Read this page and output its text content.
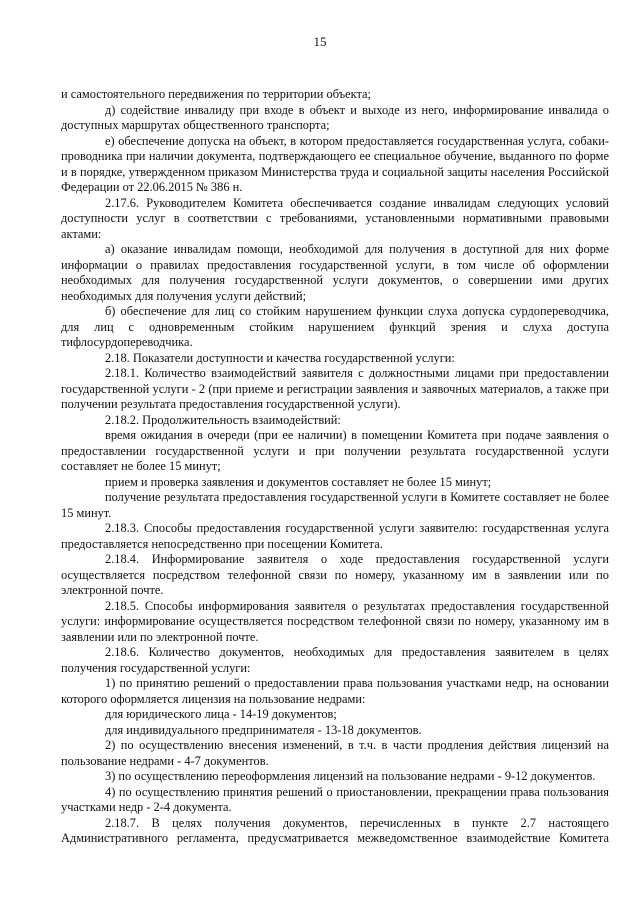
15

и самостоятельного передвижения по территории объекта;

д) содействие инвалиду при входе в объект и выходе из него, информирование инвалида о доступных маршрутах общественного транспорта;

е) обеспечение допуска на объект, в котором предоставляется государственная услуга, собаки-проводника при наличии документа, подтверждающего ее специальное обучение, выданного по форме и в порядке, утвержденном приказом Министерства труда и социальной защиты населения Российской Федерации от 22.06.2015 № 386 н.

2.17.6. Руководителем Комитета обеспечивается создание инвалидам следующих условий доступности услуг в соответствии с требованиями, установленными нормативными правовыми актами:

а) оказание инвалидам помощи, необходимой для получения в доступной для них форме информации о правилах предоставления государственной услуги, в том числе об оформлении необходимых для получения государственной услуги документов, о совершении ими других необходимых для получения услуги действий;

б) обеспечение для лиц со стойким нарушением функции слуха допуска сурдопереводчика, для лиц с одновременным стойким нарушением функций зрения и слуха доступа тифлосурдопереводчика.

2.18. Показатели доступности и качества государственной услуги:

2.18.1. Количество взаимодействий заявителя с должностными лицами при предоставлении государственной услуги - 2 (при приеме и регистрации заявления и заявочных материалов, а также при получении результата предоставления государственной услуги).

2.18.2. Продолжительность взаимодействий:

время ожидания в очереди (при ее наличии) в помещении Комитета при подаче заявления о предоставлении государственной услуги и при получении результата государственной услуги составляет не более 15 минут;

прием и проверка заявления и документов составляет не более 15 минут;

получение результата предоставления государственной услуги в Комитете составляет не более 15 минут.

2.18.3. Способы предоставления государственной услуги заявителю: государственная услуга предоставляется непосредственно при посещении Комитета.

2.18.4. Информирование заявителя о ходе предоставления государственной услуги осуществляется посредством телефонной связи по номеру, указанному им в заявлении или по электронной почте.

2.18.5. Способы информирования заявителя о результатах предоставления государственной услуги: информирование осуществляется посредством телефонной связи по номеру, указанному им в заявлении или по электронной почте.

2.18.6. Количество документов, необходимых для предоставления заявителем в целях получения государственной услуги:

1) по принятию решений о предоставлении права пользования участками недр, на основании которого оформляется лицензия на пользование недрами:

для юридического лица - 14-19 документов;

для индивидуального предпринимателя - 13-18 документов.

2) по осуществлению внесения изменений, в т.ч. в части продления действия лицензий на пользование недрами - 4-7 документов.

3) по осуществлению переоформления лицензий на пользование недрами - 9-12 документов.

4) по осуществлению принятия решений о приостановлении, прекращении права пользования участками недр - 2-4 документа.

2.18.7. В целях получения документов, перечисленных в пункте 2.7 настоящего Административного регламента, предусматривается межведомственное взаимодействие Комитета
